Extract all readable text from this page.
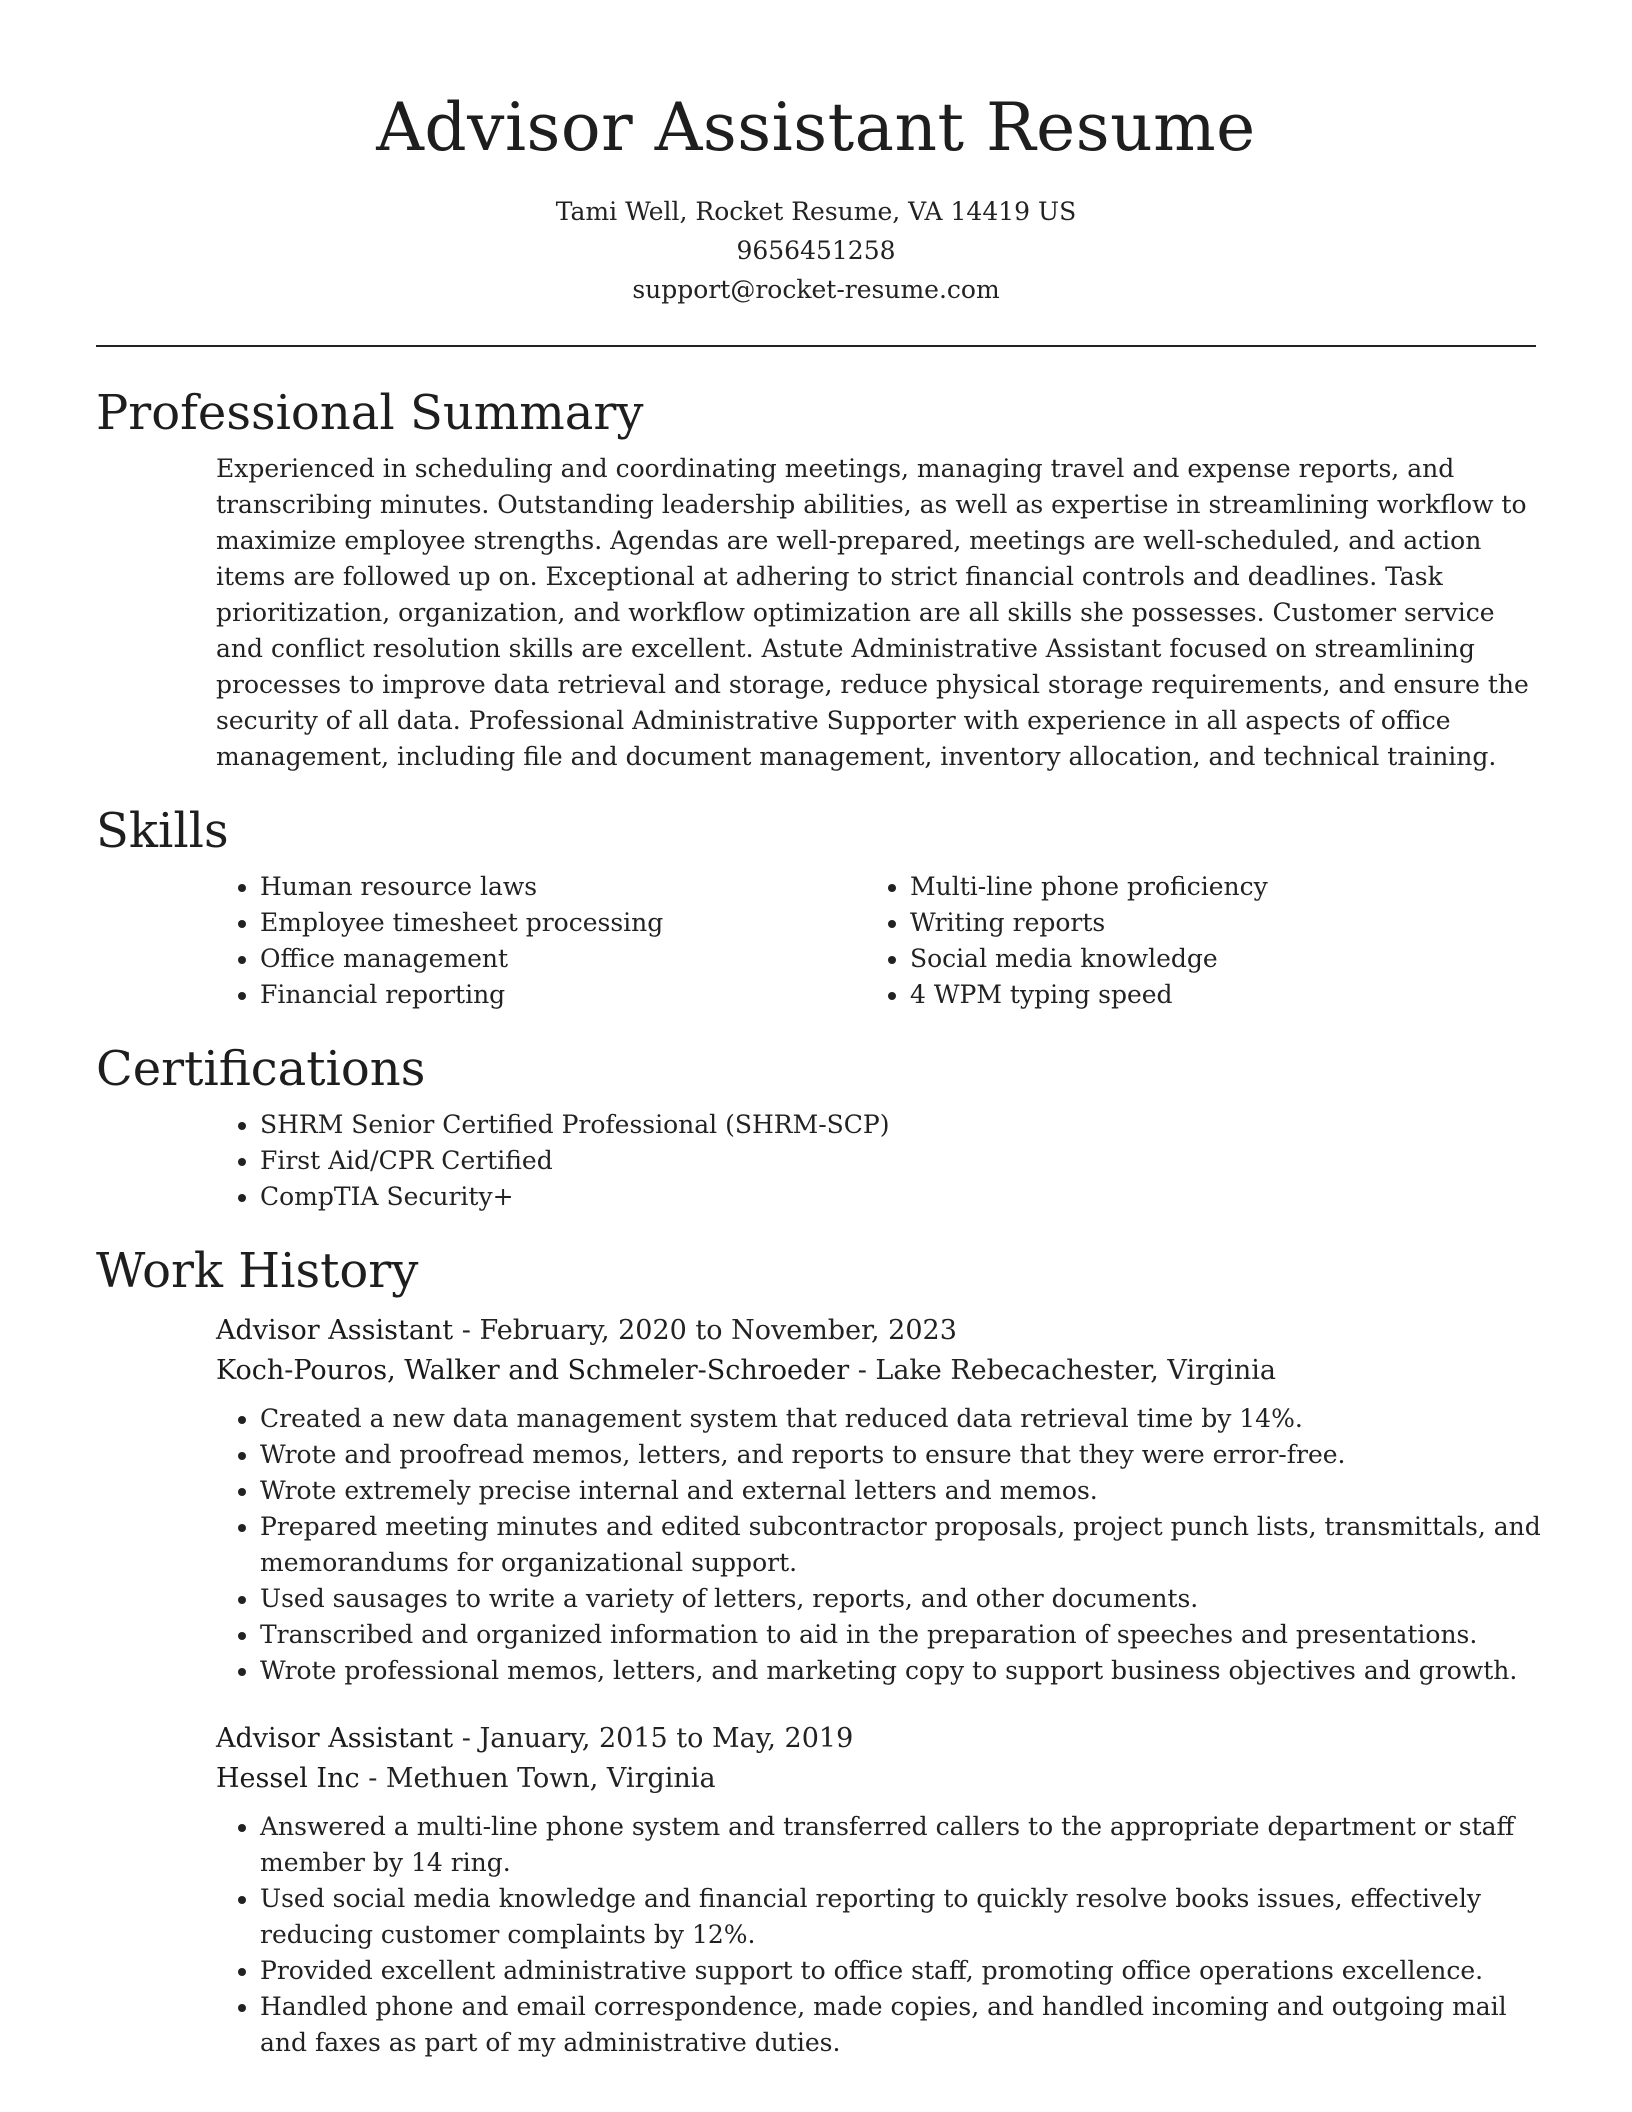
Advisor Assistant Resume
Tami Well, Rocket Resume, VA 14419 US
9656451258
support@rocket-resume.com
Professional Summary

Experienced in scheduling and coordinating meetings, managing travel and expense reports, and transcribing minutes. Outstanding leadership abilities, as well as expertise in streamlining workflow to maximize employee strengths. Agendas are well-prepared, meetings are well-scheduled, and action items are followed up on. Exceptional at adhering to strict financial controls and deadlines. Task prioritization, organization, and workflow optimization are all skills she possesses. Customer service and conflict resolution skills are excellent. Astute Administrative Assistant focused on streamlining processes to improve data retrieval and storage, reduce physical storage requirements, and ensure the security of all data. Professional Administrative Supporter with experience in all aspects of office management, including file and document management, inventory allocation, and technical training.

Skills
• Human resource laws
• Employee timesheet processing
• Office management
• Financial reporting
• Multi-line phone proficiency
• Writing reports
• Social media knowledge
• 4 WPM typing speed
Certifications
• SHRM Senior Certified Professional (SHRM-SCP)
• First Aid/CPR Certified
• CompTIA Security+
Work History
Advisor Assistant - February, 2020 to November, 2023
Koch-Pouros, Walker and Schmeler-Schroeder - Lake Rebecachester, Virginia
• Created a new data management system that reduced data retrieval time by 14%.
• Wrote and proofread memos, letters, and reports to ensure that they were error-free.
• Wrote extremely precise internal and external letters and memos.
• Prepared meeting minutes and edited subcontractor proposals, project punch lists, transmittals, and memorandums for organizational support.
• Used sausages to write a variety of letters, reports, and other documents.
• Transcribed and organized information to aid in the preparation of speeches and presentations.
• Wrote professional memos, letters, and marketing copy to support business objectives and growth.
Advisor Assistant - January, 2015 to May, 2019
Hessel Inc - Methuen Town, Virginia
• Answered a multi-line phone system and transferred callers to the appropriate department or staff member by 14 ring.
• Used social media knowledge and financial reporting to quickly resolve books issues, effectively reducing customer complaints by 12%.
• Provided excellent administrative support to office staff, promoting office operations excellence.
• Handled phone and email correspondence, made copies, and handled incoming and outgoing mail and faxes as part of my administrative duties.
